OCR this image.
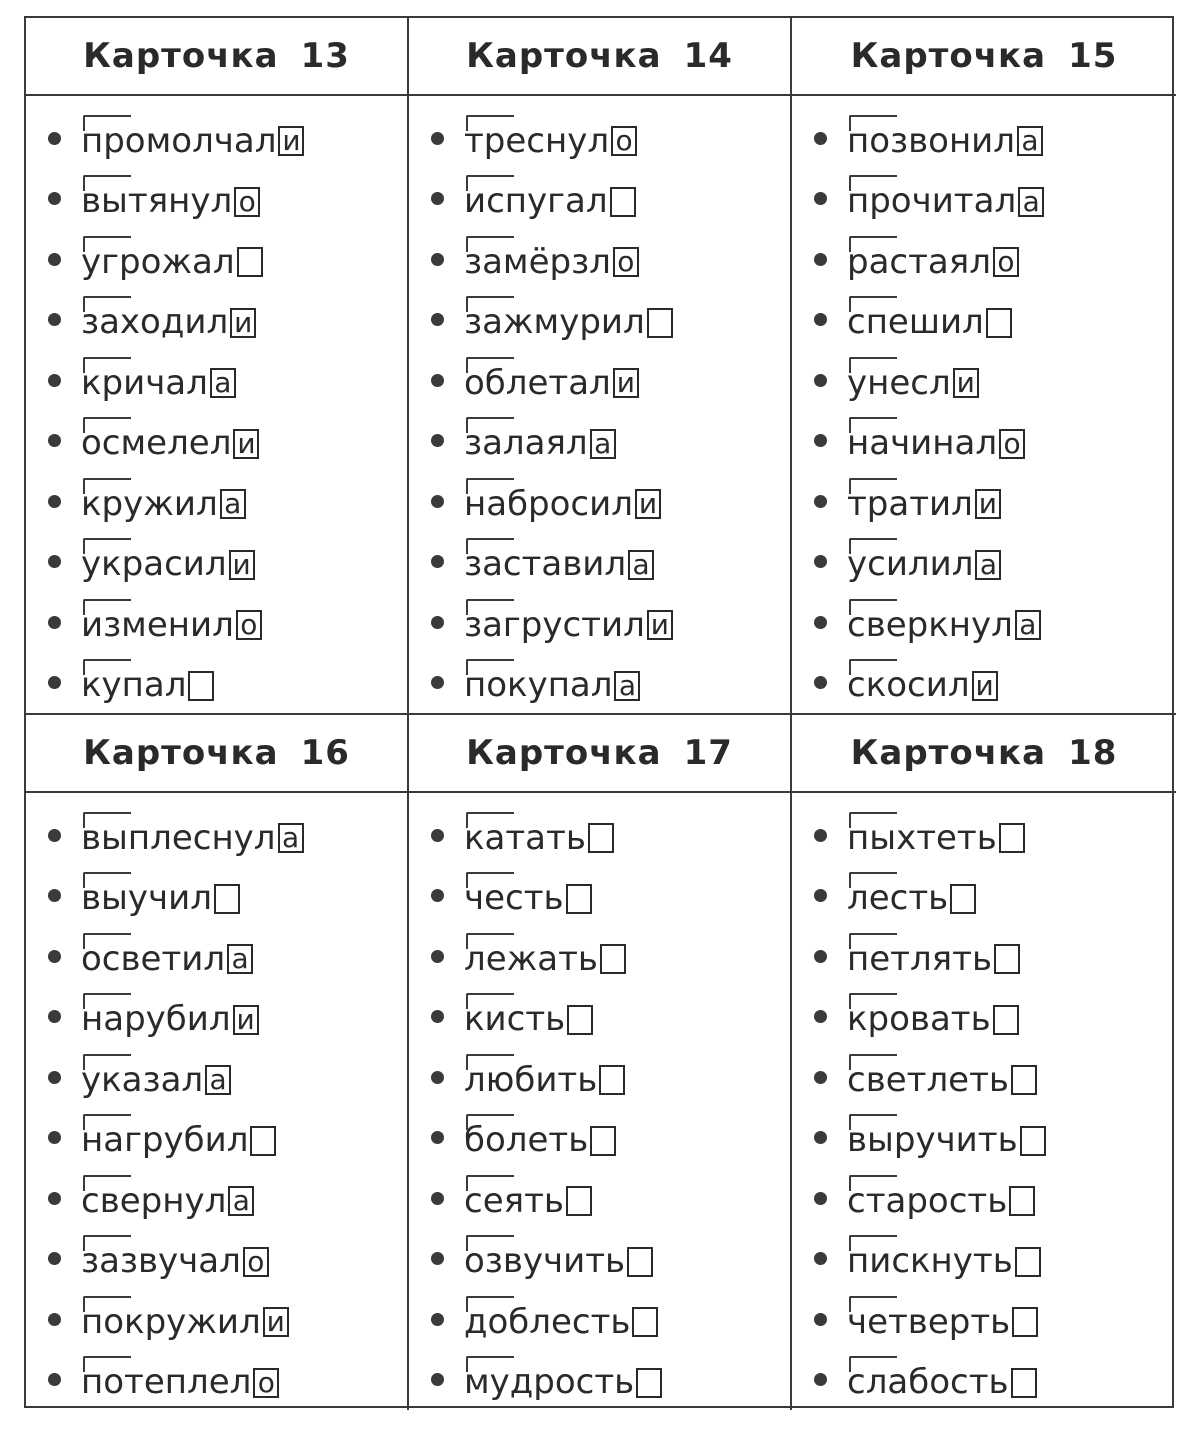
Карточка 13
промолчал и
вытянул о
угрожал
заходил и
кричал а
осмелел и
кружил а
украсил и
изменил о
купал
Карточка 14
треснул о
испугал
замёрзл о
зажмурил
облетал и
залаял а
набросил и
заставил а
загрустил и
покупал а
Карточка 15
позвонил а
прочитал а
растаял о
спешил
унесл и
начинал о
тратил и
усилил а
сверкнул а
скосил и
Карточка 16
выплеснул а
выучил
осветил а
нарубил и
указал а
нагрубил
свернул а
зазвучал о
покружил и
потеплел о
Карточка 17
катать
честь
лежать
кисть
любить
болеть
сеять
озвучить
доблесть
мудрость
Карточка 18
пыхтеть
лесть
петлять
кровать
светлеть
выручить
старость
пискнуть
четверть
слабость
